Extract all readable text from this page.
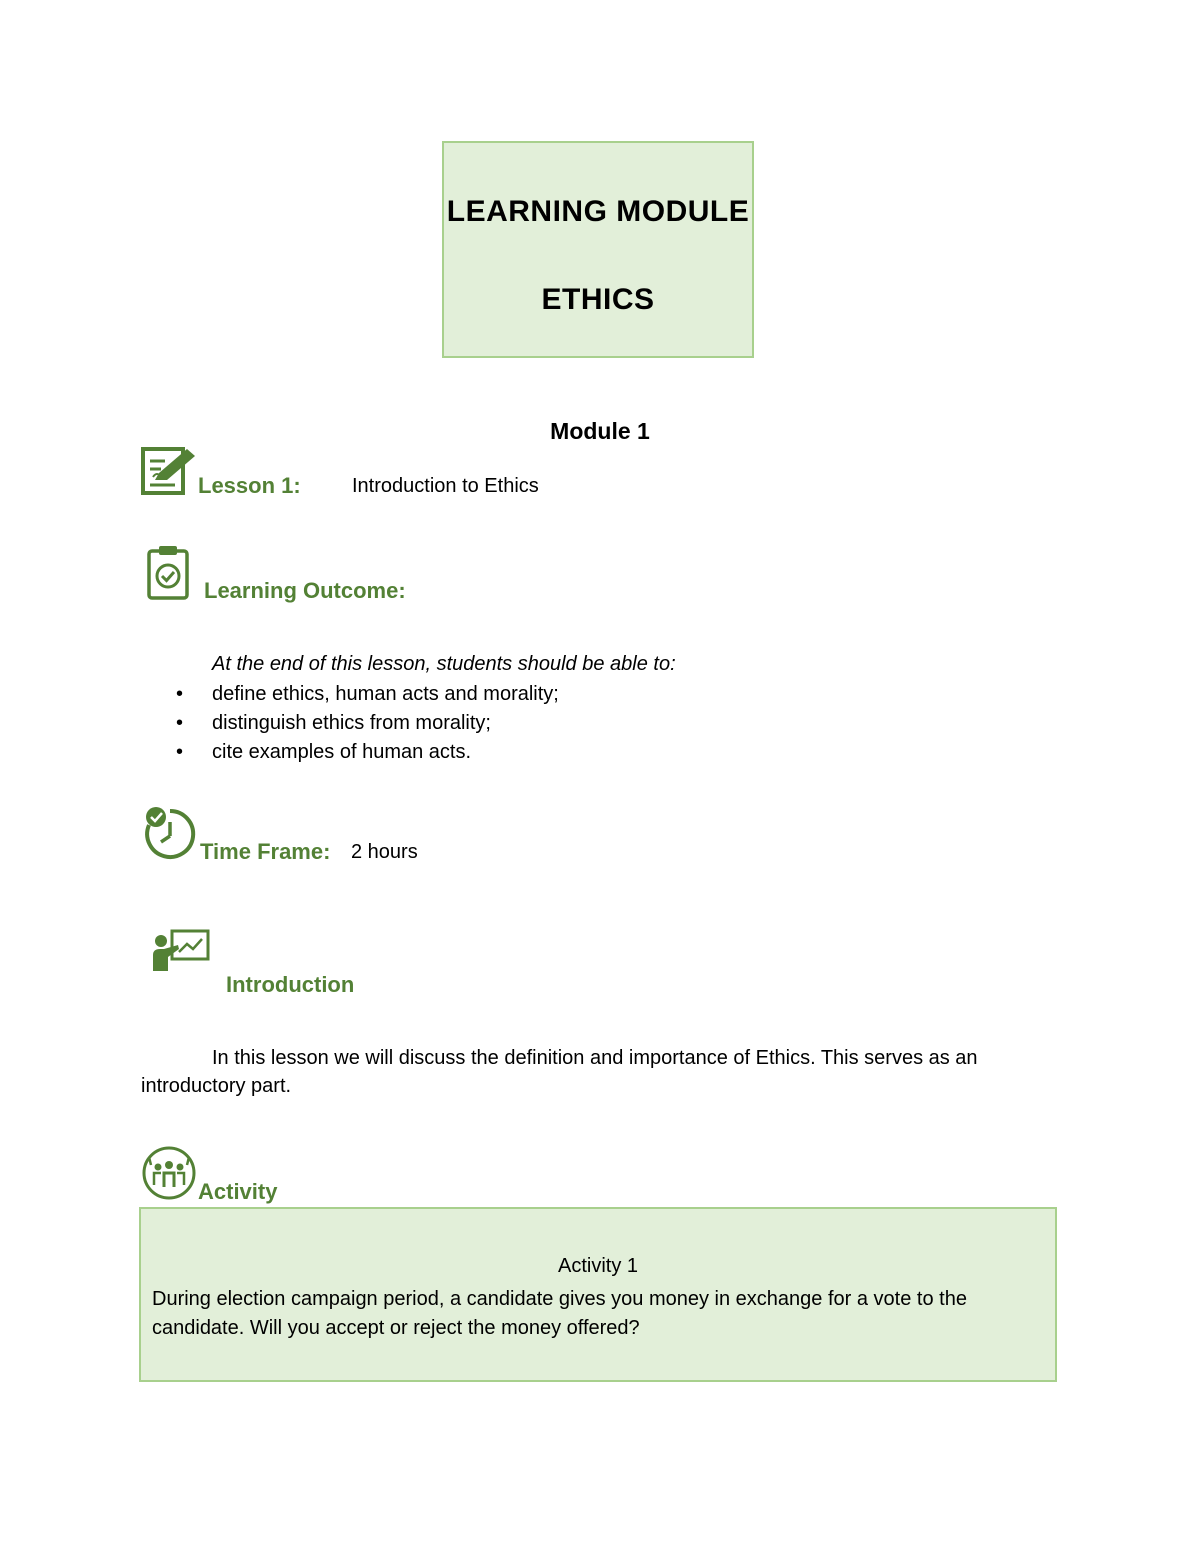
LEARNING MODULE
ETHICS
Module 1
Lesson 1:	Introduction to Ethics
Learning Outcome:
At the end of this lesson, students should be able to:
• define ethics, human acts and morality;
• distinguish ethics from morality;
• cite examples of human acts.
Time Frame: 2 hours
Introduction
In this lesson we will discuss the definition and importance of Ethics. This serves as an
introductory part.
Activity
Activity 1
During election campaign period, a candidate gives you money in exchange for a vote to the candidate. Will you accept or reject the money offered?
